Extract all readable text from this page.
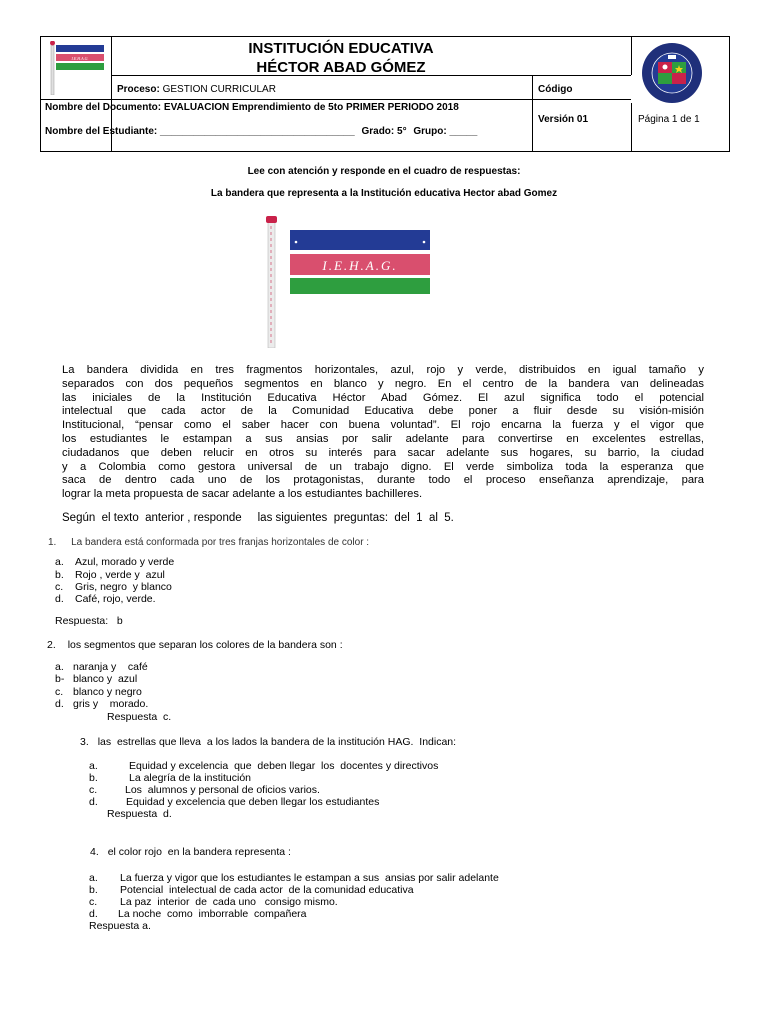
I.E.H.A.G.
INSTITUCIÓN EDUCATIVA
HÉCTOR ABAD GÓMEZ
Proceso: GESTION CURRICULAR	Código
Nombre del Documento: EVALUACION Emprendimiento de 5to PRIMER PERIODO 2018
Nombre del Estudiante: ___________________________________ Grado: 5° Grupo: _____
Versión 01	Página 1 de 1
Lee con atención y responde en el cuadro de respuestas:
La bandera que representa a la Institución educativa Hector abad Gomez
I.E.H.A.G.

La bandera dividida en tres fragmentos horizontales, azul, rojo y verde, distribuidos en igual tamaño y

separados con dos pequeños segmentos en blanco y negro. En el centro de la bandera van delineadas

las iniciales de la Institución Educativa Héctor Abad Gómez. El azul significa todo el potencial

intelectual que cada actor de la Comunidad Educativa debe poner a fluir desde su visión-misión

Institucional, “pensar como el saber hacer con buena voluntad”. El rojo encarna la fuerza y el vigor que

los estudiantes le estampan a sus ansias por salir adelante para convertirse en excelentes estrellas,

ciudadanos que deben relucir en otros su interés para sacar adelante sus hogares, su barrio, la ciudad

y a Colombia como gestora universal de un trabajo digno. El verde simboliza toda la esperanza que

saca de dentro cada uno de los protagonistas, durante todo el proceso enseñanza aprendizaje, para

lograr la meta propuesta de sacar adelante a los estudiantes bachilleres.

Según  el texto  anterior , responde     las siguientes  preguntas:  del  1  al  5.
1. La bandera está conformada por tres franjas horizontales de color :
a. Azul, morado y verde
b. Rojo , verde y  azul
c. Gris, negro  y blanco
d. Café, rojo, verde.
Respuesta:   b
2. los segmentos que separan los colores de la bandera son :
a. naranja y    café
b- blanco y  azul
c. blanco y negro
d. gris y    morado.
Respuesta  c.
3. las  estrellas que lleva  a los lados la bandera de la institución HAG.  Indican:
a.	Equidad y excelencia  que  deben llegar  los  docentes y directivos
b.	La alegría de la institución
c.	Los  alumnos y personal de oficios varios.
d.	Equidad y excelencia que deben llegar los estudiantes
Respuesta  d.
4. el color rojo  en la bandera representa :
a. La fuerza y vigor que los estudiantes le estampan a sus  ansias por salir adelante
b. Potencial  intelectual de cada actor  de la comunidad educativa
c. La paz  interior  de  cada uno   consigo mismo.
d. La noche  como  imborrable  compañera
Respuesta a.
